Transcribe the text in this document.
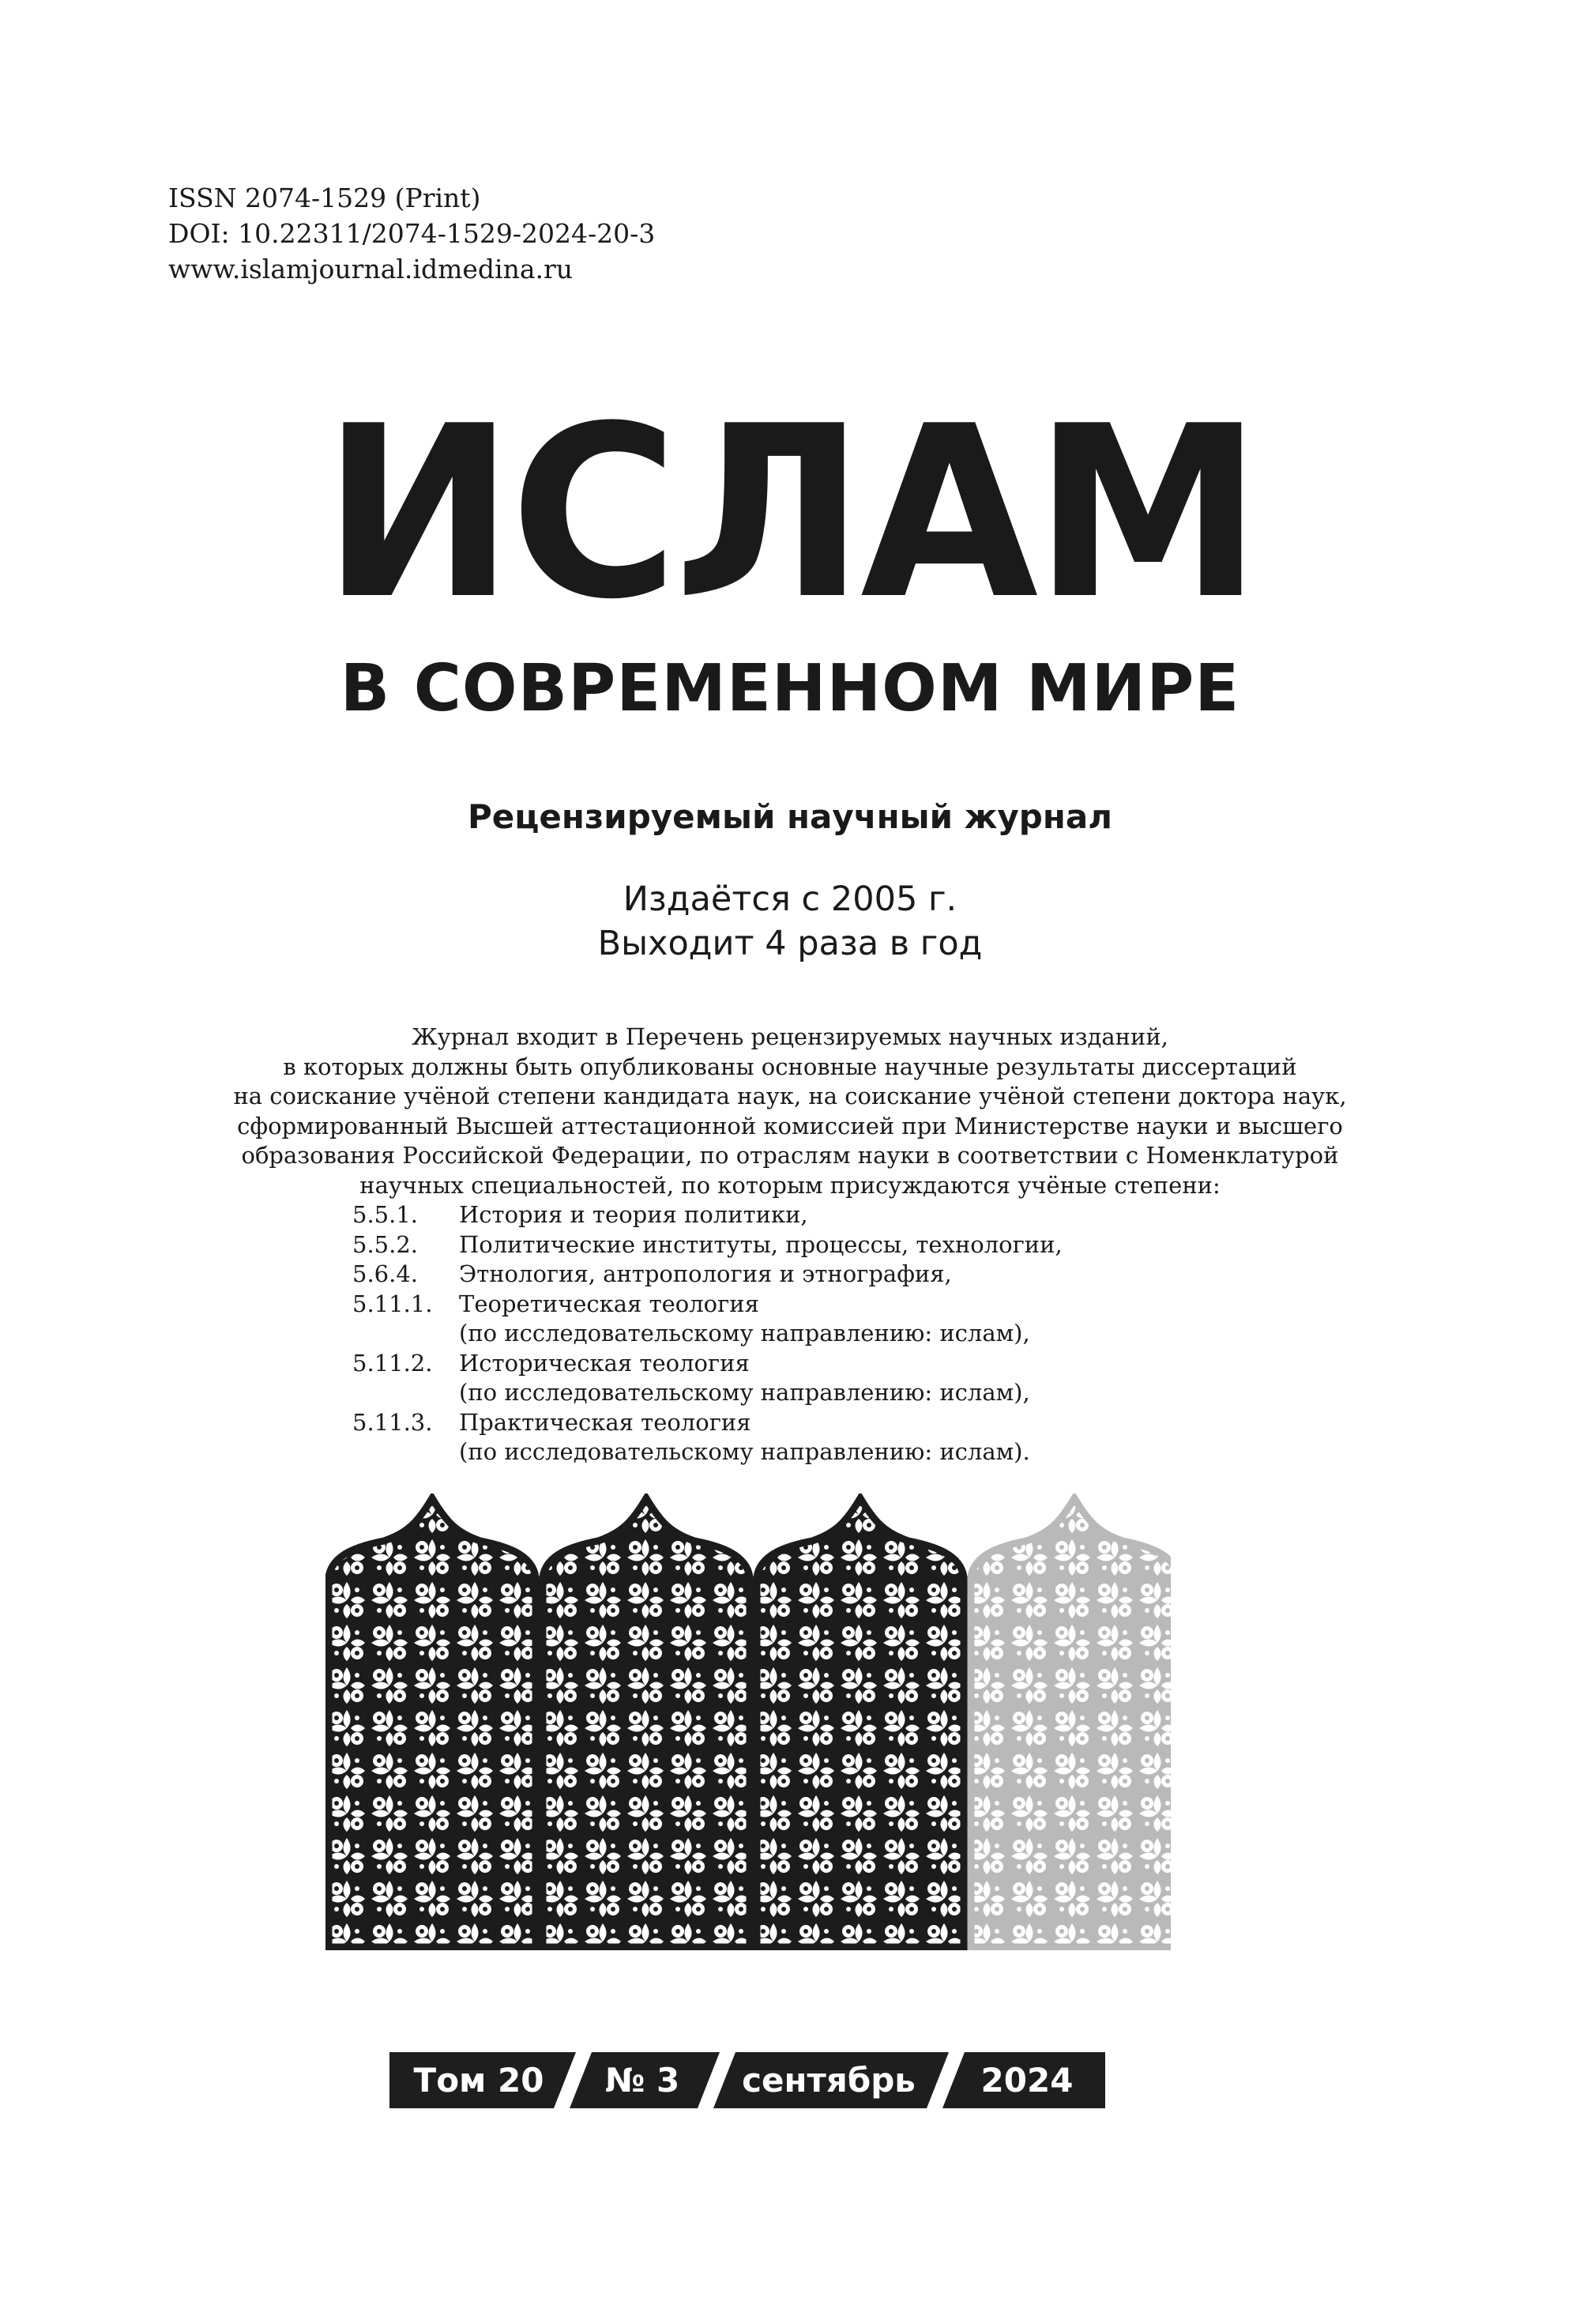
ISSN 2074-1529 (Print)
DOI: 10.22311/2074-1529-2024-20-3
www.islamjournal.idmedina.ru
ИСЛАМ
В СОВРЕМЕННОМ МИРЕ
Рецензируемый научный журнал
Издаётся с 2005 г.
Выходит 4 раза в год
Журнал входит в Перечень рецензируемых научных изданий,
в которых должны быть опубликованы основные научные результаты диссертаций
на соискание учёной степени кандидата наук, на соискание учёной степени доктора наук,
сформированный Высшей аттестационной комиссией при Министерстве науки и высшего
образования Российской Федерации, по отраслям науки в соответствии с Номенклатурой
научных специальностей, по которым присуждаются учёные степени:
5.5.1.	История и теория политики,
5.5.2.	Политические институты, процессы, технологии,
5.6.4.	Этнология, антропология и этнография,
5.11.1.	Теоретическая теология
(по исследовательскому направлению: ислам),
5.11.2.	Историческая теология
(по исследовательскому направлению: ислам),
5.11.3.	Практическая теология
(по исследовательскому направлению: ислам).
Том 20	№ 3	сентябрь	2024
